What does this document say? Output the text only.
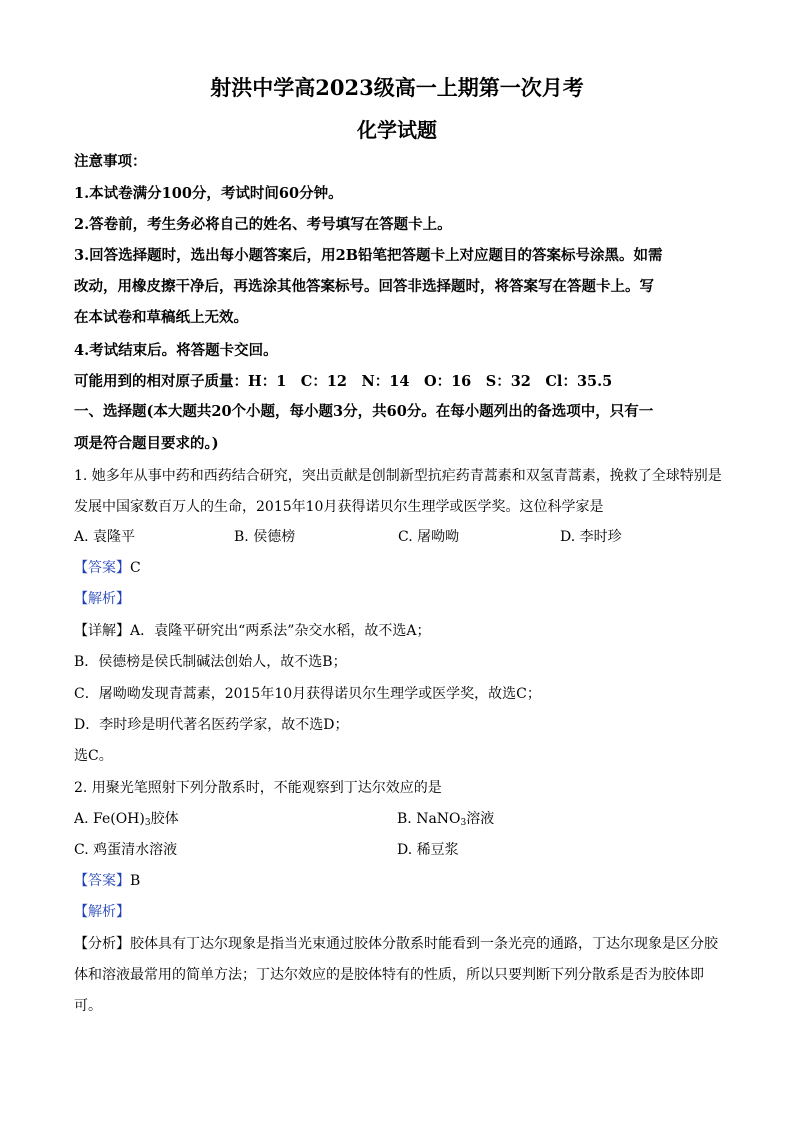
射洪中学高2023级高一上期第一次月考
化学试题
注意事项：
1.本试卷满分100分，考试时间60分钟。
2.答卷前，考生务必将自己的姓名、考号填写在答题卡上。
3.回答选择题时，选出每小题答案后，用2B铅笔把答题卡上对应题目的答案标号涂黑。如需
改动，用橡皮擦干净后，再选涂其他答案标号。回答非选择题时，将答案写在答题卡上。写
在本试卷和草稿纸上无效。
4.考试结束后。将答题卡交回。
可能用到的相对原子质量：H：1　C：12　N：14　O：16　S：32　Cl：35.5
一、选择题(本大题共20个小题，每小题3分，共60分。在每小题列出的备选项中，只有一
项是符合题目要求的。)
1. 她多年从事中药和西药结合研究，突出贡献是创制新型抗疟药青蒿素和双氢青蒿素，挽救了全球特别是
发展中国家数百万人的生命，2015年10月获得诺贝尔生理学或医学奖。这位科学家是
A. 袁隆平	B. 侯德榜	C. 屠呦呦	D. 李时珍
【答案】C
【解析】
【详解】A．袁隆平研究出“两系法”杂交水稻，故不选A；
B．侯德榜是侯氏制碱法创始人，故不选B；
C．屠呦呦发现青蒿素，2015年10月获得诺贝尔生理学或医学奖，故选C；
D．李时珍是明代著名医药学家，故不选D；
选C。
2. 用聚光笔照射下列分散系时，不能观察到丁达尔效应的是
A. $Fe(OH)_3$胶体	B. NaNO$_3$溶液
C. 鸡蛋清水溶液	D. 稀豆浆
【答案】B
【解析】
【分析】胶体具有丁达尔现象是指当光束通过胶体分散系时能看到一条光亮的通路，丁达尔现象是区分胶
体和溶液最常用的简单方法；丁达尔效应的是胶体特有的性质，所以只要判断下列分散系是否为胶体即
可。
